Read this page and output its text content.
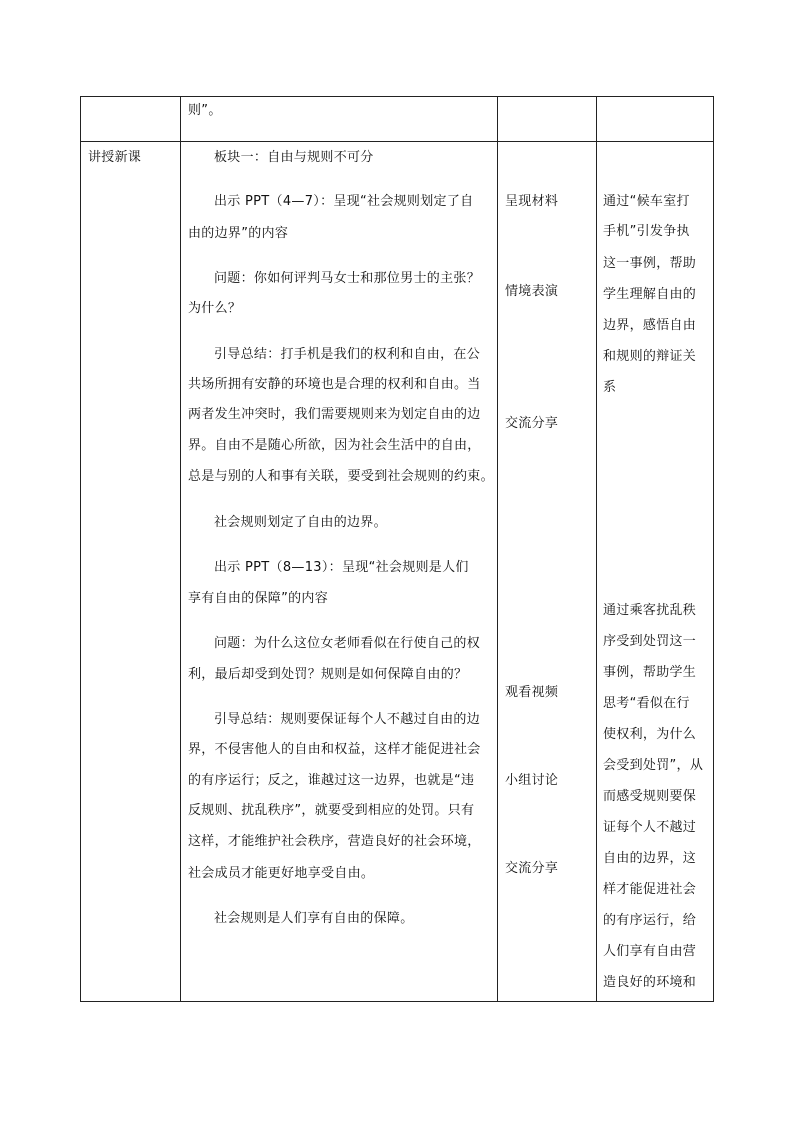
则”。
讲授新课	板块一：自由与规则不可分
出示 PPT（4—7）：呈现“社会规则划定了自
由的边界”的内容
问题：你如何评判马女士和那位男士的主张？
为什么？
引导总结：打手机是我们的权利和自由，在公
共场所拥有安静的环境也是合理的权利和自由。当
两者发生冲突时，我们需要规则来为划定自由的边
界。自由不是随心所欲，因为社会生活中的自由，
总是与别的人和事有关联，要受到社会规则的约束。
社会规则划定了自由的边界。
出示 PPT（8—13）：呈现“社会规则是人们
享有自由的保障”的内容
问题：为什么这位女老师看似在行使自己的权
利，最后却受到处罚？规则是如何保障自由的？
引导总结：规则要保证每个人不越过自由的边
界，不侵害他人的自由和权益，这样才能促进社会
的有序运行；反之，谁越过这一边界，也就是“违
反规则、扰乱秩序”，就要受到相应的处罚。只有
这样，才能维护社会秩序，营造良好的社会环境，
社会成员才能更好地享受自由。
社会规则是人们享有自由的保障。
呈现材料
情境表演
交流分享
观看视频
小组讨论
交流分享
通过“候车室打
手机”引发争执
这一事例，帮助
学生理解自由的
边界，感悟自由
和规则的辩证关
系
通过乘客扰乱秩
序受到处罚这一
事例，帮助学生
思考“看似在行
使权利，为什么
会受到处罚”，从
而感受规则要保
证每个人不越过
自由的边界，这
样才能促进社会
的有序运行，给
人们享有自由营
造良好的环境和
